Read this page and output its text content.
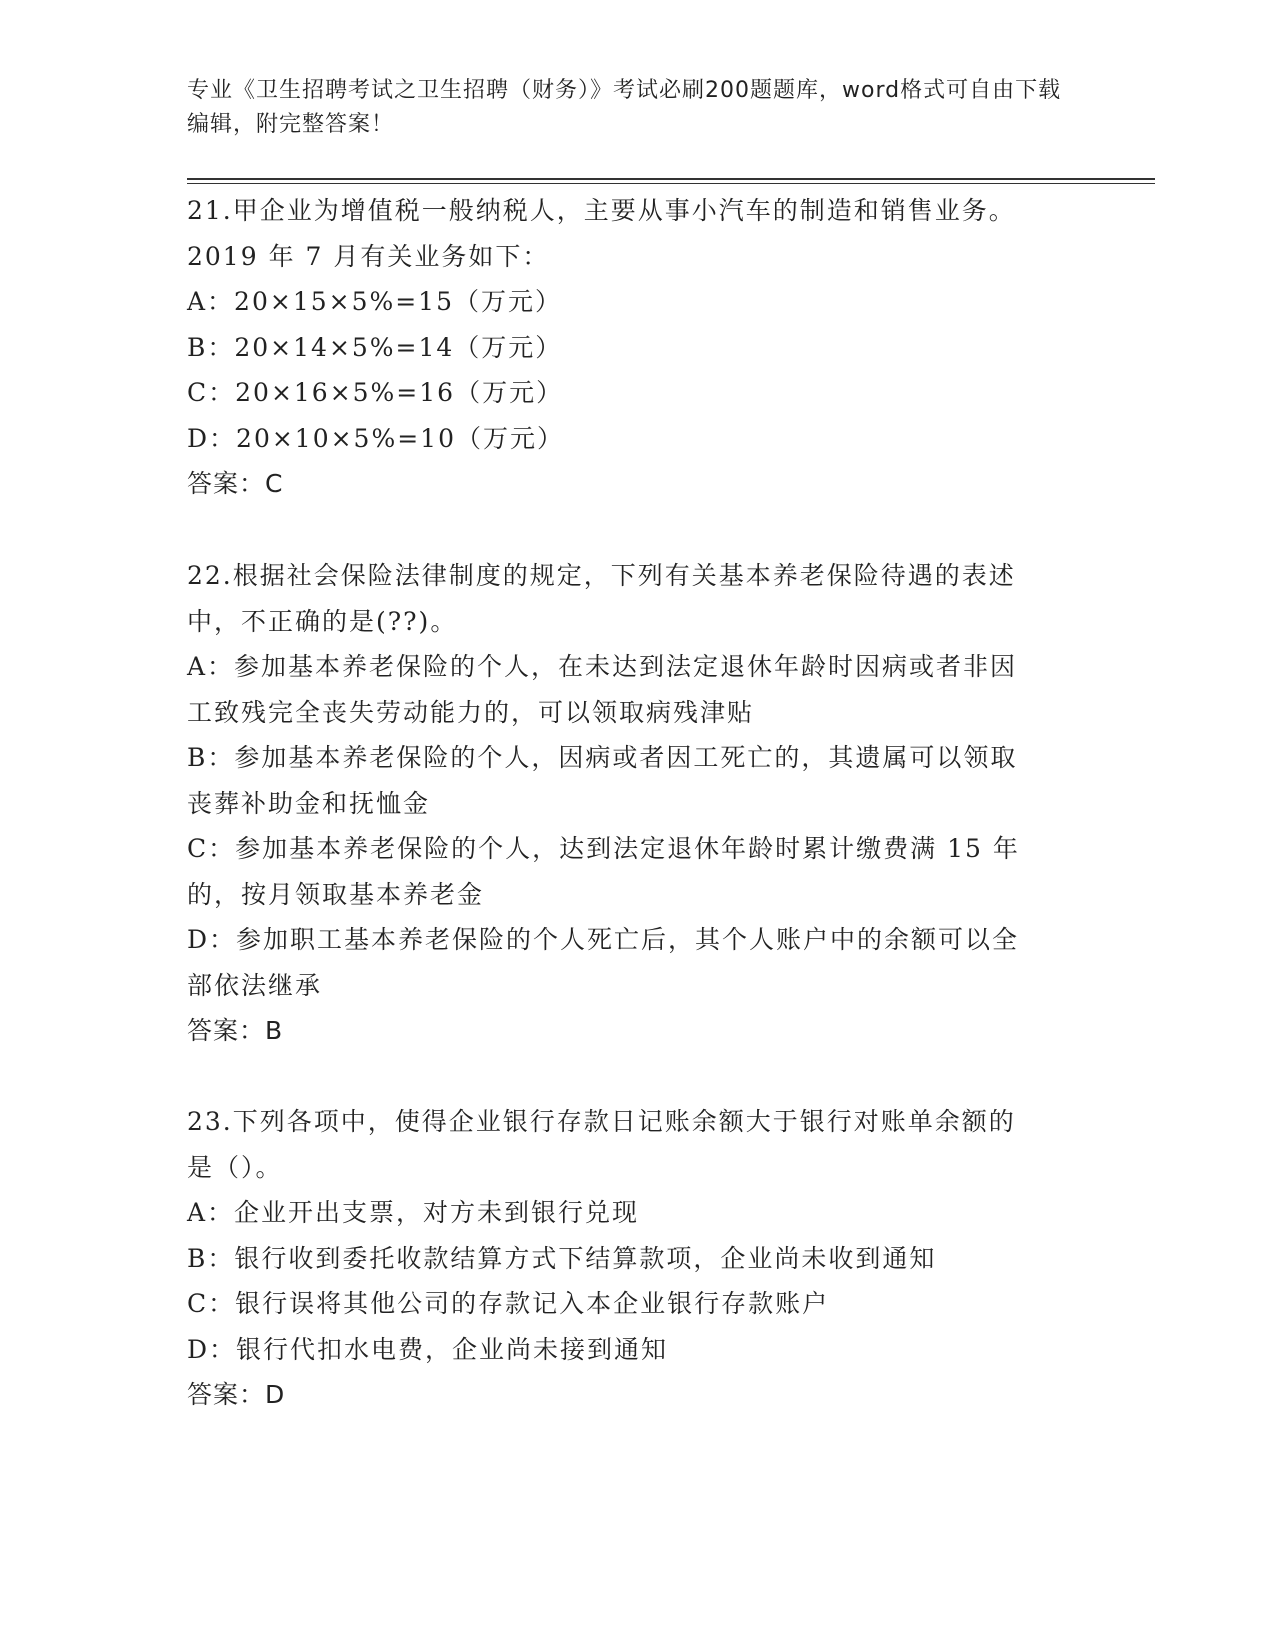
专业《卫生招聘考试之卫生招聘（财务）》考试必刷200题题库，word格式可自由下载编辑，附完整答案！
21.甲企业为增值税一般纳税人，主要从事小汽车的制造和销售业务。
2019 年 7 月有关业务如下：
A：20×15×5%=15（万元）
B：20×14×5%=14（万元）
C：20×16×5%=16（万元）
D：20×10×5%=10（万元）
答案：C
22.根据社会保险法律制度的规定，下列有关基本养老保险待遇的表述
中，不正确的是(??)。
A：参加基本养老保险的个人，在未达到法定退休年龄时因病或者非因
工致残完全丧失劳动能力的，可以领取病残津贴
B：参加基本养老保险的个人，因病或者因工死亡的，其遗属可以领取
丧葬补助金和抚恤金
C：参加基本养老保险的个人，达到法定退休年龄时累计缴费满 15 年
的，按月领取基本养老金
D：参加职工基本养老保险的个人死亡后，其个人账户中的余额可以全
部依法继承
答案：B
23.下列各项中，使得企业银行存款日记账余额大于银行对账单余额的
是（）。
A：企业开出支票，对方未到银行兑现
B：银行收到委托收款结算方式下结算款项，企业尚未收到通知
C：银行误将其他公司的存款记入本企业银行存款账户
D：银行代扣水电费，企业尚未接到通知
答案：D
